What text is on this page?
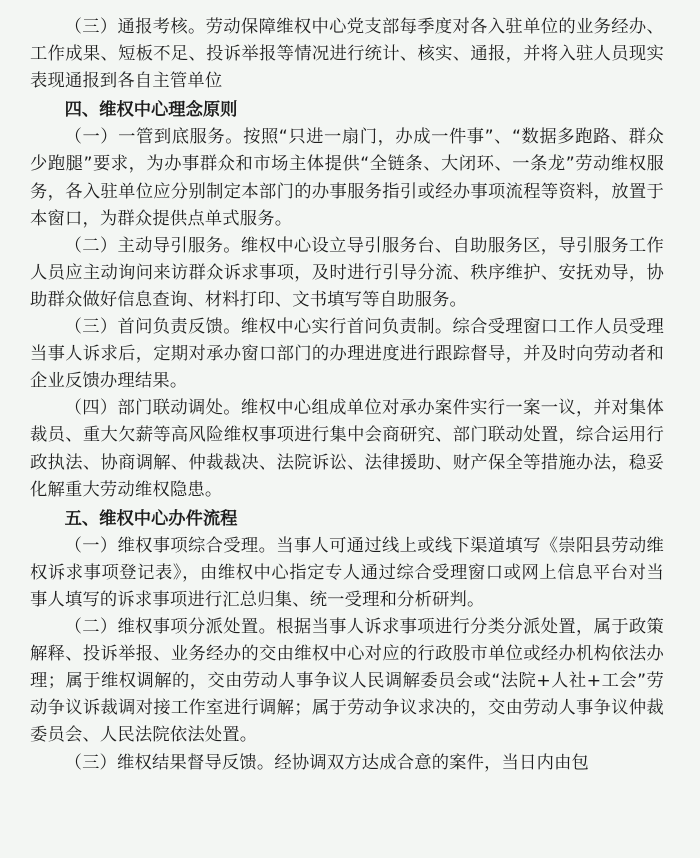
（三）通报考核。劳动保障维权中心党支部每季度对各入驻单位的业务经办、工作成果、短板不足、投诉举报等情况进行统计、核实、通报，并将入驻人员现实表现通报到各自主管单位

四、维权中心理念原则

（一）一管到底服务。按照“只进一扇门，办成一件事”、“数据多跑路、群众少跑腿”要求，为办事群众和市场主体提供“全链条、大闭环、一条龙”劳动维权服务，各入驻单位应分别制定本部门的办事服务指引或经办事项流程等资料，放置于本窗口，为群众提供点单式服务。

（二）主动导引服务。维权中心设立导引服务台、自助服务区，导引服务工作人员应主动询问来访群众诉求事项，及时进行引导分流、秩序维护、安抚劝导，协助群众做好信息查询、材料打印、文书填写等自助服务。

（三）首问负责反馈。维权中心实行首问负责制。综合受理窗口工作人员受理当事人诉求后，定期对承办窗口部门的办理进度进行跟踪督导，并及时向劳动者和企业反馈办理结果。

（四）部门联动调处。维权中心组成单位对承办案件实行一案一议，并对集体裁员、重大欠薪等高风险维权事项进行集中会商研究、部门联动处置，综合运用行政执法、协商调解、仲裁裁决、法院诉讼、法律援助、财产保全等措施办法，稳妥化解重大劳动维权隐患。

五、维权中心办件流程

（一）维权事项综合受理。当事人可通过线上或线下渠道填写《崇阳县劳动维权诉求事项登记表》，由维权中心指定专人通过综合受理窗口或网上信息平台对当事人填写的诉求事项进行汇总归集、统一受理和分析研判。

（二）维权事项分派处置。根据当事人诉求事项进行分类分派处置，属于政策解释、投诉举报、业务经办的交由维权中心对应的行政股市单位或经办机构依法办理；属于维权调解的，交由劳动人事争议人民调解委员会或“法院+人社+工会”劳动争议诉裁调对接工作室进行调解；属于劳动争议求决的，交由劳动人事争议仲裁委员会、人民法院依法处置。

（三）维权结果督导反馈。经协调双方达成合意的案件，当日内由包
